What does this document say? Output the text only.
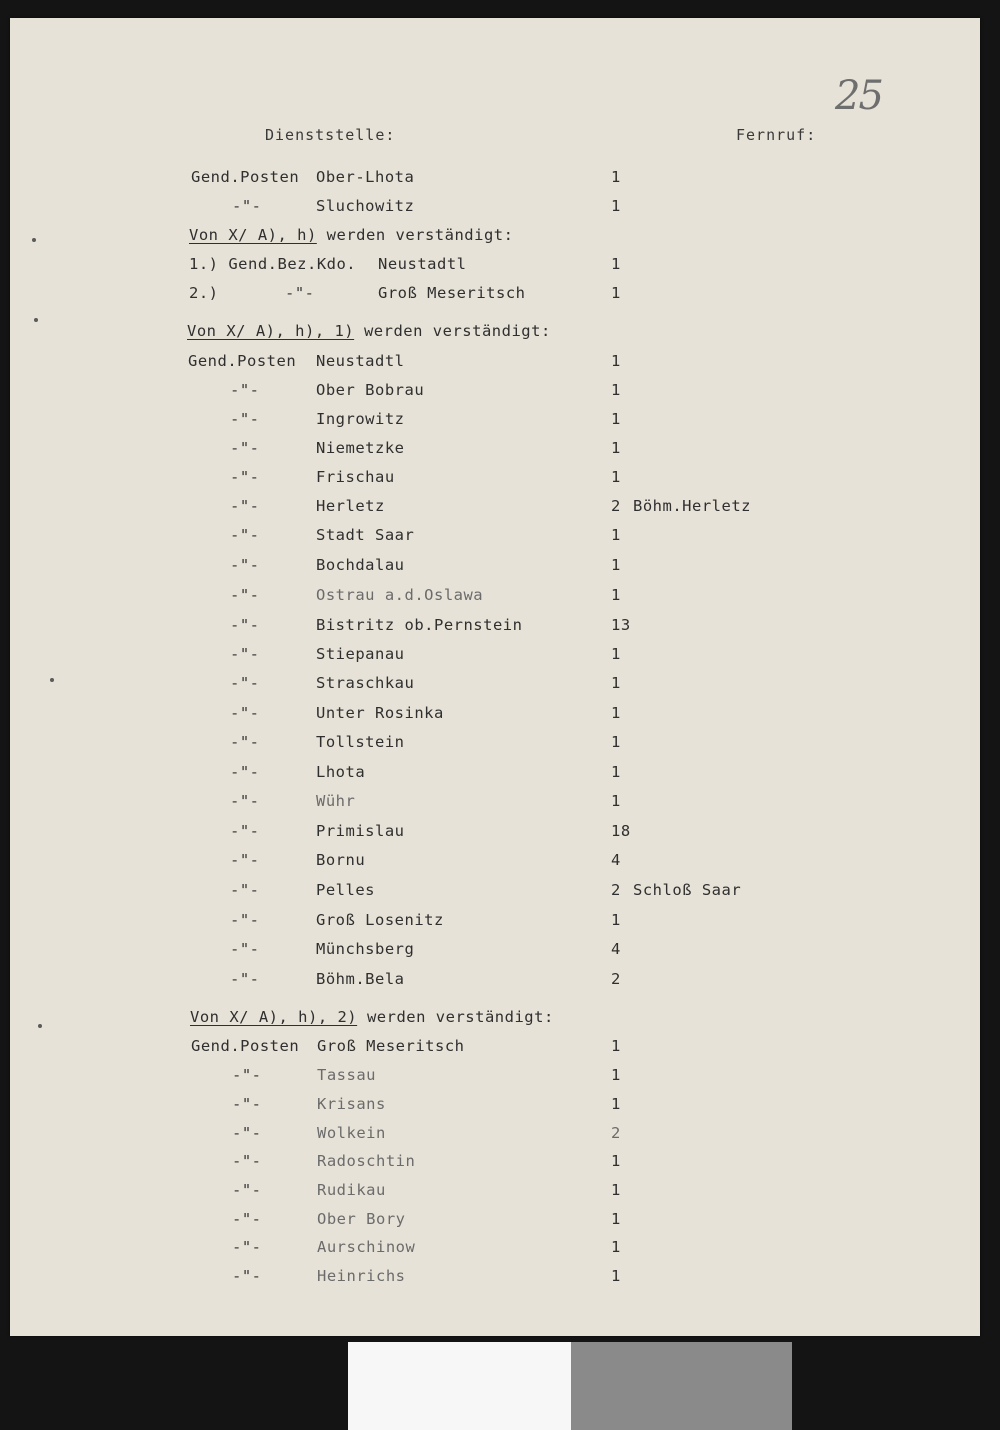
25
Dienststelle:	Fernruf:
Gend.Posten Ober-Lhota	1
-"-	Sluchowitz	1
Von X/ A), h) werden verständigt:
1.) Gend.Bez.Kdo. Neustadtl	1
2.)	-"-	Groß Meseritsch	1
Von X/ A), h), 1) werden verständigt:
Gend.Posten Neustadtl	1
-"-	Ober Bobrau	1
-"-	Ingrowitz	1
-"-	Niemetzke	1
-"-	Frischau	1
-"-	Herletz	2 Böhm.Herletz
-"-	Stadt Saar	1
-"-	Bochdalau	1
-"-	Ostrau a.d.Oslawa	1
-"-	Bistritz ob.Pernstein	13
-"-	Stiepanau	1
-"-	Straschkau	1
-"-	Unter Rosinka	1
-"-	Tollstein	1
-"-	Lhota	1
-"-	Wühr	1
-"-	Primislau	18
-"-	Bornu	4
-"-	Pelles	2 Schloß Saar
-"-	Groß Losenitz	1
-"-	Münchsberg	4
-"-	Böhm.Bela	2
Von X/ A), h), 2) werden verständigt:
Gend.Posten Groß Meseritsch	1
-"-	Tassau	1
-"-	Krisans	1
-"-	Wolkein	2
-"-	Radoschtin	1
-"-	Rudikau	1
-"-	Ober Bory	1
-"-	Aurschinow	1
-"-	Heinrichs	1
